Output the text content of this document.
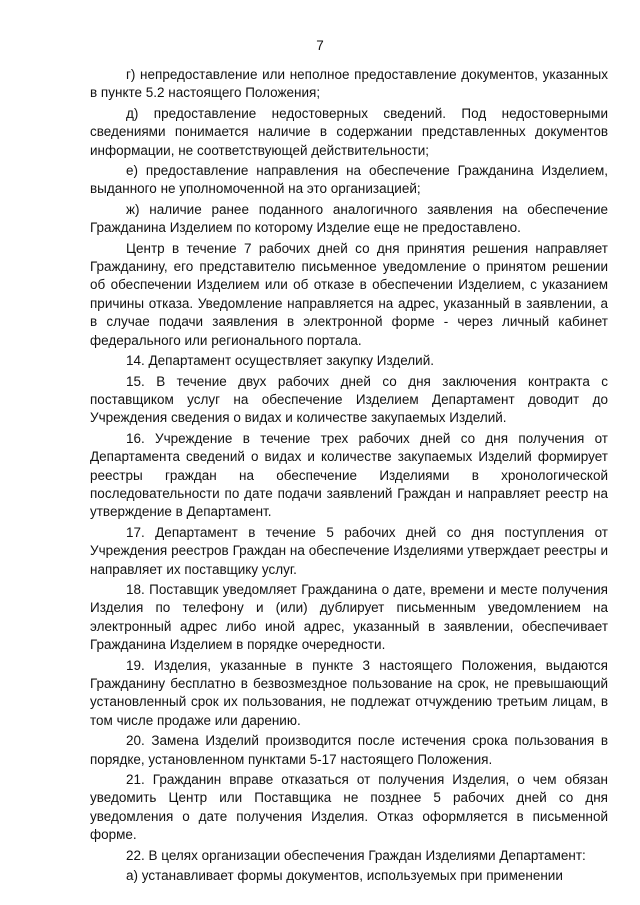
7

г) непредоставление или неполное предоставление документов, указанных в пункте 5.2 настоящего Положения;

д) предоставление недостоверных сведений. Под недостоверными сведениями понимается наличие в содержании представленных документов информации, не соответствующей действительности;

е) предоставление направления на обеспечение Гражданина Изделием, выданного не уполномоченной на это организацией;

ж) наличие ранее поданного аналогичного заявления на обеспечение Гражданина Изделием по которому Изделие еще не предоставлено.

Центр в течение 7 рабочих дней со дня принятия решения направляет Гражданину, его представителю письменное уведомление о принятом решении об обеспечении Изделием или об отказе в обеспечении Изделием, с указанием причины отказа. Уведомление направляется на адрес, указанный в заявлении, а в случае подачи заявления в электронной форме - через личный кабинет федерального или регионального портала.

14. Департамент осуществляет закупку Изделий.

15. В течение двух рабочих дней со дня заключения контракта с поставщиком услуг на обеспечение Изделием Департамент доводит до Учреждения сведения о видах и количестве закупаемых Изделий.

16. Учреждение в течение трех рабочих дней со дня получения от Департамента сведений о видах и количестве закупаемых Изделий формирует реестры граждан на обеспечение Изделиями в хронологической последовательности по дате подачи заявлений Граждан и направляет реестр на утверждение в Департамент.

17. Департамент в течение 5 рабочих дней со дня поступления от Учреждения реестров Граждан на обеспечение Изделиями утверждает реестры и направляет их поставщику услуг.

18. Поставщик уведомляет Гражданина о дате, времени и месте получения Изделия по телефону и (или) дублирует письменным уведомлением на электронный адрес либо иной адрес, указанный в заявлении, обеспечивает Гражданина Изделием в порядке очередности.

19. Изделия, указанные в пункте 3 настоящего Положения, выдаются Гражданину бесплатно в безвозмездное пользование на срок, не превышающий установленный срок их пользования, не подлежат отчуждению третьим лицам, в том числе продаже или дарению.

20. Замена Изделий производится после истечения срока пользования в порядке, установленном пунктами 5-17 настоящего Положения.

21. Гражданин вправе отказаться от получения Изделия, о чем обязан уведомить Центр или Поставщика не позднее 5 рабочих дней со дня уведомления о дате получения Изделия. Отказ оформляется в письменной форме.

22. В целях организации обеспечения Граждан Изделиями Департамент:

а) устанавливает формы документов, используемых при применении
